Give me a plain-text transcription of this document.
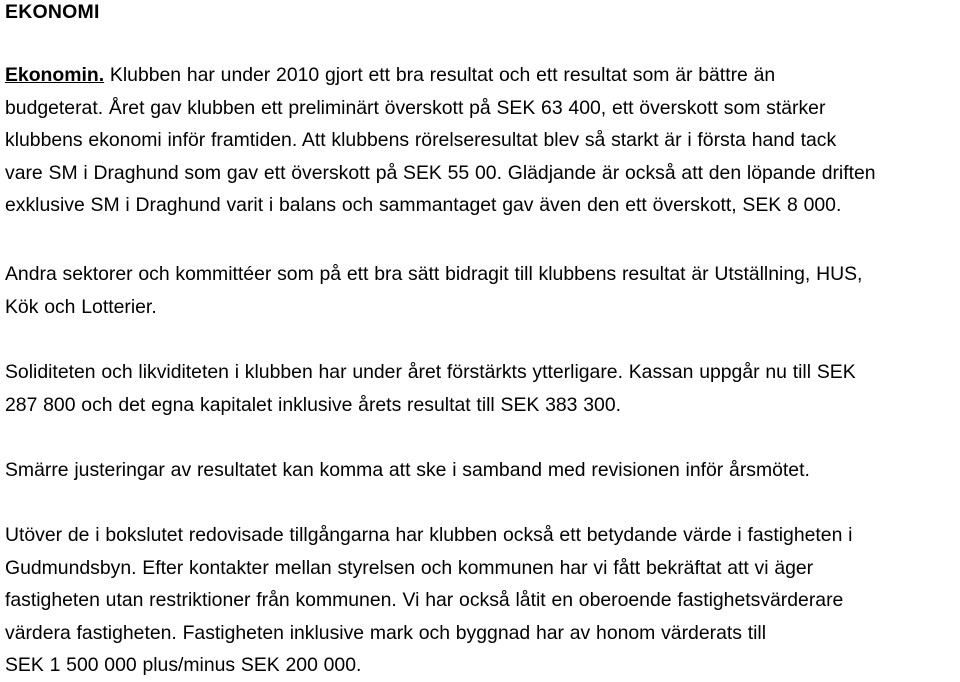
EKONOMI

Ekonomin. Klubben har under 2010 gjort ett bra resultat och ett resultat som är bättre än
budgeterat. Året gav klubben ett preliminärt överskott på SEK 63 400, ett överskott som stärker
klubbens ekonomi inför framtiden. Att klubbens rörelseresultat blev så starkt är i första hand tack
vare SM i Draghund som gav ett överskott på SEK 55 00. Glädjande är också att den löpande driften
exklusive SM i Draghund varit i balans och sammantaget gav även den ett överskott, SEK 8 000.

Andra sektorer och kommittéer som på ett bra sätt bidragit till klubbens resultat är Utställning, HUS,
Kök och Lotterier.

Soliditeten och likviditeten i klubben har under året förstärkts ytterligare. Kassan uppgår nu till SEK
287 800 och det egna kapitalet inklusive årets resultat till SEK 383 300.

Smärre justeringar av resultatet kan komma att ske i samband med revisionen inför årsmötet.

Utöver de i bokslutet redovisade tillgångarna har klubben också ett betydande värde i fastigheten i
Gudmundsbyn. Efter kontakter mellan styrelsen och kommunen har vi fått bekräftat att vi äger
fastigheten utan restriktioner från kommunen. Vi har också låtit en oberoende fastighetsvärderare
värdera fastigheten. Fastigheten inklusive mark och byggnad har av honom värderats till
SEK 1 500 000 plus/minus SEK 200 000.
